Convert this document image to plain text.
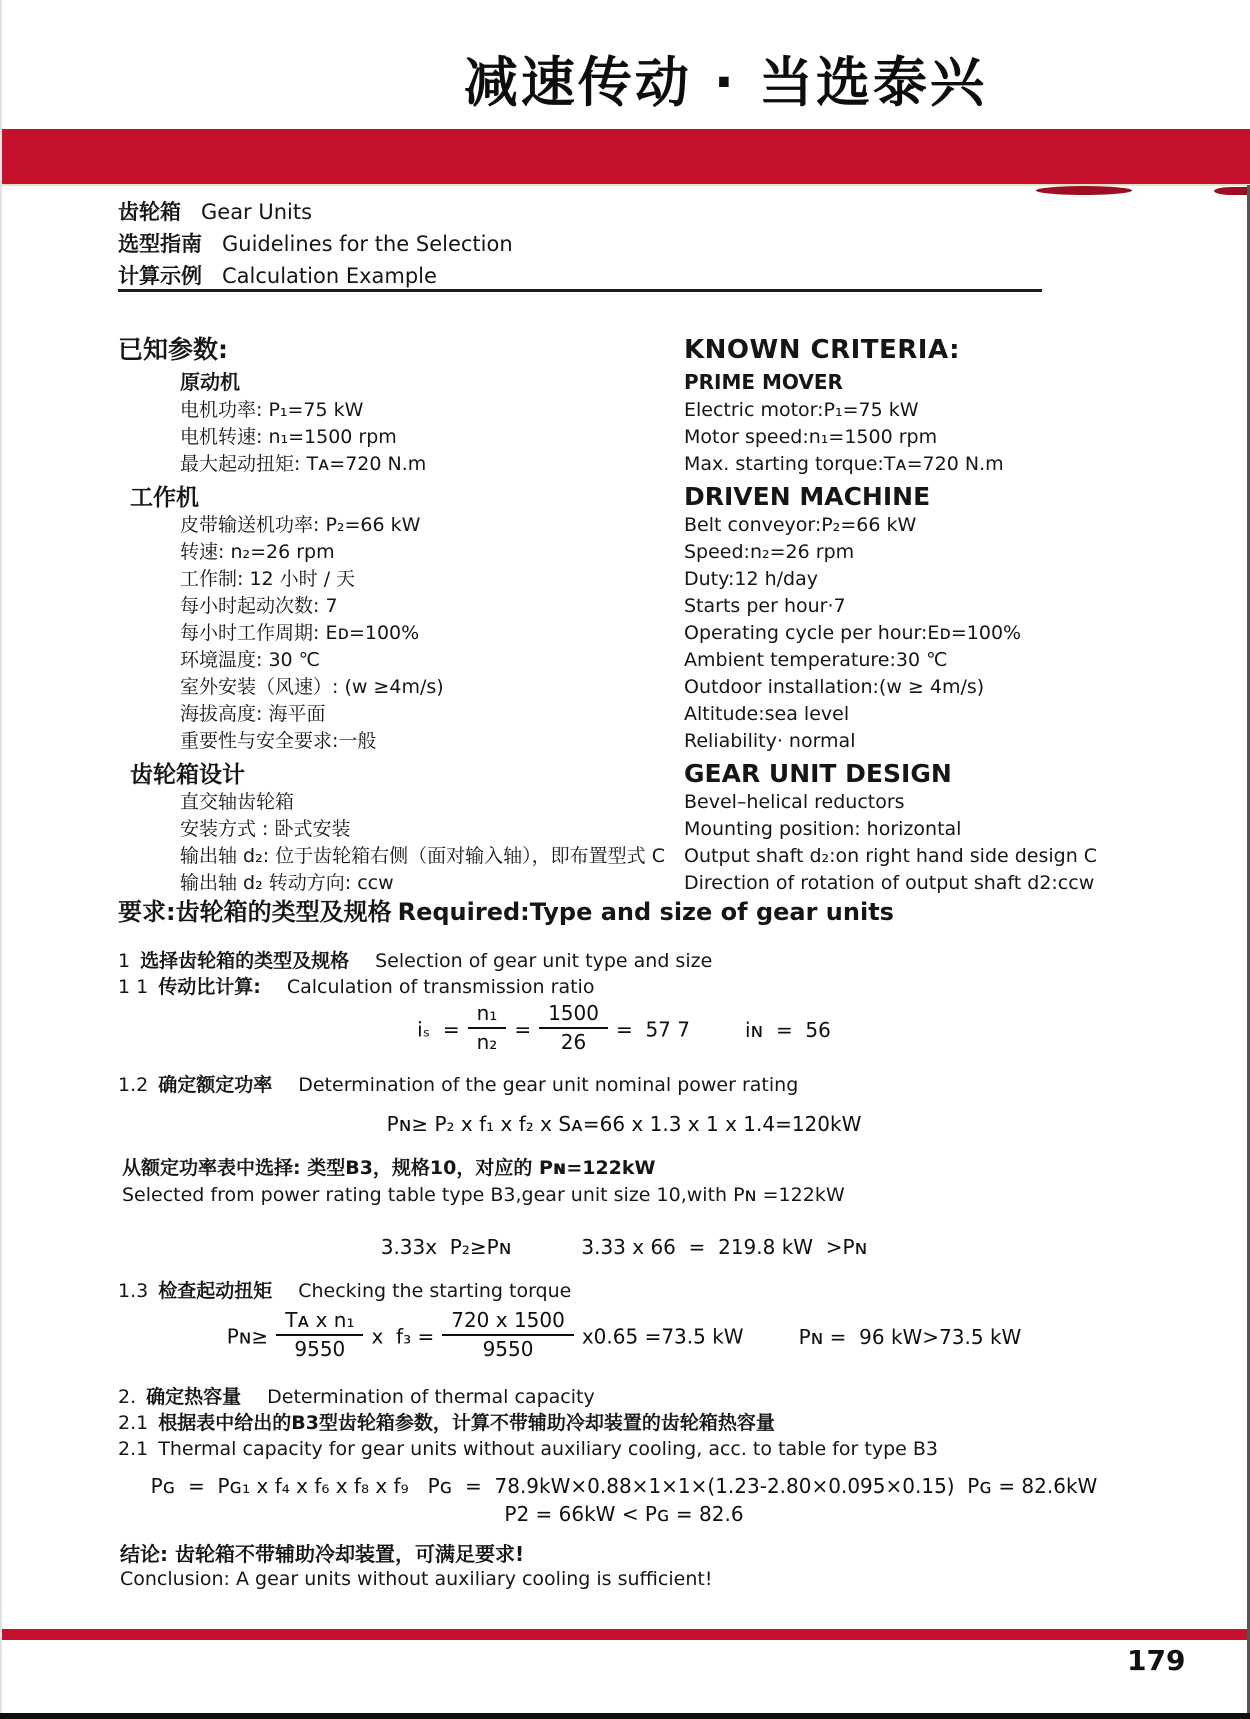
减速传动 · 当选泰兴
齿轮箱 Gear Units
选型指南 Guidelines for the Selection
计算示例 Calculation Example
已知参数:	KNOWN CRITERIA:
原动机	PRIME MOVER
电机功率: P₁=75 kW	Electric motor:P₁=75 kW
电机转速: n₁=1500 rpm	Motor speed:n₁=1500 rpm
最大起动扭矩: Tᴀ=720 N.m	Max. starting torque:Tᴀ=720 N.m
工作机	DRIVEN MACHINE
皮带输送机功率: P₂=66 kW	Belt conveyor:P₂=66 kW
转速: n₂=26 rpm	Speed:n₂=26 rpm
工作制: 12 小时 / 天	Duty:12 h/day
每小时起动次数: 7	Starts per hour·7
每小时工作周期: Eᴅ=100%	Operating cycle per hour:Eᴅ=100%
环境温度: 30 ℃	Ambient temperature:30 ℃
室外安装（风速）: (w ≥4m/s)	Outdoor installation:(w ≥ 4m/s)
海拔高度: 海平面	Altitude:sea level
重要性与安全要求:一般	Reliability· normal
齿轮箱设计	GEAR UNIT DESIGN
直交轴齿轮箱	Bevel–helical reductors
安装方式 : 卧式安装	Mounting position: horizontal
输出轴 d₂: 位于齿轮箱右侧（面对输入轴），即布置型式 C	Output shaft d₂:on right hand side design C
输出轴 d₂ 转动方向: ccw	Direction of rotation of output shaft d2:ccw
要求:齿轮箱的类型及规格 Required:Type and size of gear units
1 选择齿轮箱的类型及规格 Selection of gear unit type and size
1 1 传动比计算: Calculation of transmission ratio
$i_s = \frac{\text{n₁}}{\text{n₂}} = \frac{1500}{26} = 57$ 7	iɴ  =  56
1.2 确定额定功率 Determination of the gear unit nominal power rating
Pɴ≥ P₂ x f₁ x f₂ x Sᴀ=66 x 1.3 x 1 x 1.4=120kW
从额定功率表中选择: 类型B3，规格10，对应的 Pɴ=122kW
Selected from power rating table type B3,gear unit size 10,with Pɴ =122kW
3.33x  P₂≥Pɴ	3.33 x 66  =  219.8 kW  >Pɴ
1.3 检查起动扭矩 Checking the starting torque
Pɴ≥ $\frac{\text{Tᴀ x n₁}}{9550}$ x  $f_3 = \frac{720 x 1500}{9550} x0.65 =73.5$ kW	Pɴ =  96 kW>73.5 kW
2. 确定热容量 Determination of thermal capacity
2.1 根据表中给出的B3型齿轮箱参数，计算不带辅助冷却装置的齿轮箱热容量
2.1 Thermal capacity for gear units without auxiliary cooling, acc. to table for type B3
Pɢ  =  Pɢ₁ x f₄ x f₆ x f₈ x f₉   Pɢ  =  78.9kW×0.88×1×1×(1.23-2.80×0.095×0.15)  Pɢ = 82.6kW
P2 = 66kW < Pɢ = 82.6
结论: 齿轮箱不带辅助冷却装置，可满足要求!
Conclusion: A gear units without auxiliary cooling is sufficient!
179
